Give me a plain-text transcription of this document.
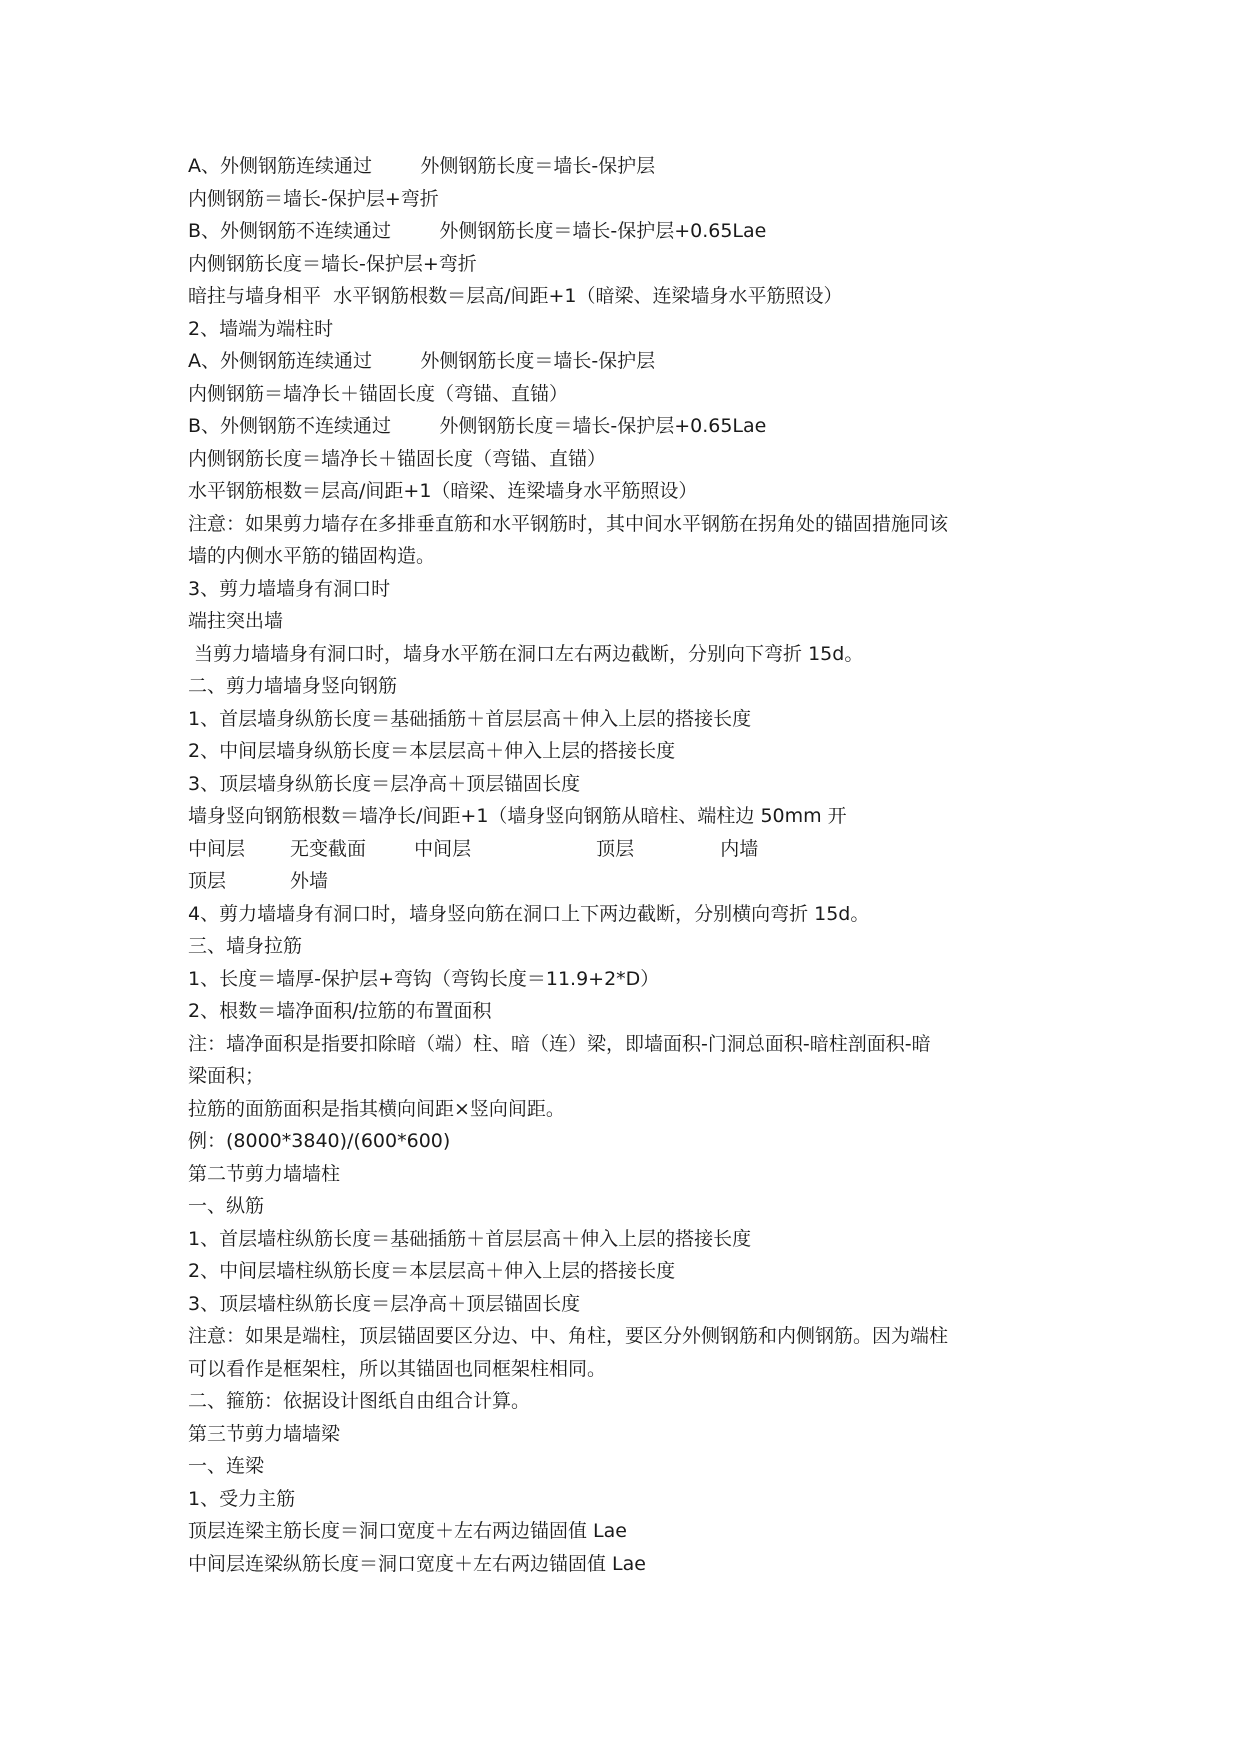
A、外侧钢筋连续通过        外侧钢筋长度＝墙长-保护层
内侧钢筋＝墙长-保护层+弯折
B、外侧钢筋不连续通过        外侧钢筋长度＝墙长-保护层+0.65Lae
内侧钢筋长度＝墙长-保护层+弯折
暗拄与墙身相平  水平钢筋根数＝层高/间距+1（暗梁、连梁墙身水平筋照设）
2、墙端为端柱时
A、外侧钢筋连续通过        外侧钢筋长度＝墙长-保护层
内侧钢筋＝墙净长＋锚固长度（弯锚、直锚）
B、外侧钢筋不连续通过        外侧钢筋长度＝墙长-保护层+0.65Lae
内侧钢筋长度＝墙净长＋锚固长度（弯锚、直锚）
水平钢筋根数＝层高/间距+1（暗梁、连梁墙身水平筋照设）
注意：如果剪力墙存在多排垂直筋和水平钢筋时，其中间水平钢筋在拐角处的锚固措施同该
墙的内侧水平筋的锚固构造。
3、剪力墙墙身有洞口时
端拄突出墙
当剪力墙墙身有洞口时，墙身水平筋在洞口左右两边截断，分别向下弯折 15d。
二、剪力墙墙身竖向钢筋
1、首层墙身纵筋长度＝基础插筋＋首层层高＋伸入上层的搭接长度
2、中间层墙身纵筋长度＝本层层高＋伸入上层的搭接长度
3、顶层墙身纵筋长度＝层净高＋顶层锚固长度
墙身竖向钢筋根数＝墙净长/间距+1（墙身竖向钢筋从暗柱、端柱边 50mm 开
中间层 无变截面	中间层	顶层	内墙
顶层	外墙
4、剪力墙墙身有洞口时，墙身竖向筋在洞口上下两边截断，分别横向弯折 15d。
三、墙身拉筋
1、长度＝墙厚-保护层+弯钩（弯钩长度＝11.9+2*D）
2、根数＝墙净面积/拉筋的布置面积
注：墙净面积是指要扣除暗（端）柱、暗（连）梁，即墙面积-门洞总面积-暗柱剖面积-暗
梁面积；
拉筋的面筋面积是指其横向间距×竖向间距。
例：(8000*3840)/(600*600)
第二节剪力墙墙柱
一、纵筋
1、首层墙柱纵筋长度＝基础插筋＋首层层高＋伸入上层的搭接长度
2、中间层墙柱纵筋长度＝本层层高＋伸入上层的搭接长度
3、顶层墙柱纵筋长度＝层净高＋顶层锚固长度
注意：如果是端柱，顶层锚固要区分边、中、角柱，要区分外侧钢筋和内侧钢筋。因为端柱
可以看作是框架柱，所以其锚固也同框架柱相同。
二、箍筋：依据设计图纸自由组合计算。
第三节剪力墙墙梁
一、连梁
1、受力主筋
顶层连梁主筋长度＝洞口宽度＋左右两边锚固值 Lae
中间层连梁纵筋长度＝洞口宽度＋左右两边锚固值 Lae
